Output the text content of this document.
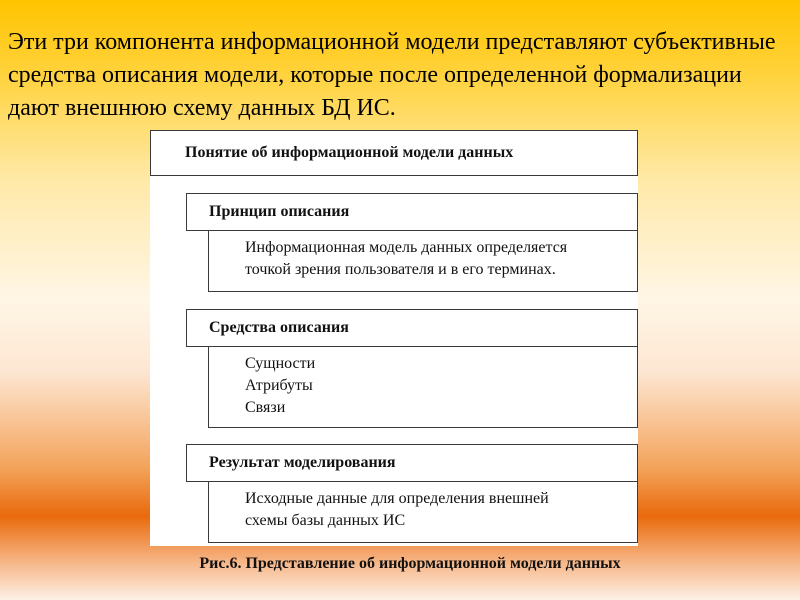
Эти три компонента информационной модели представляют субъективные средства описания модели, которые после определенной формализации дают внешнюю схему данных БД ИС.

Понятие об информационной модели данных
Принцип описания
Информационная модель данных определяется
точкой зрения пользователя и в его терминах.
Средства описания
Сущности
Атрибуты
Связи
Результат моделирования
Исходные данные для определения внешней
схемы базы данных ИС
Рис.6. Представление об информационной модели данных
